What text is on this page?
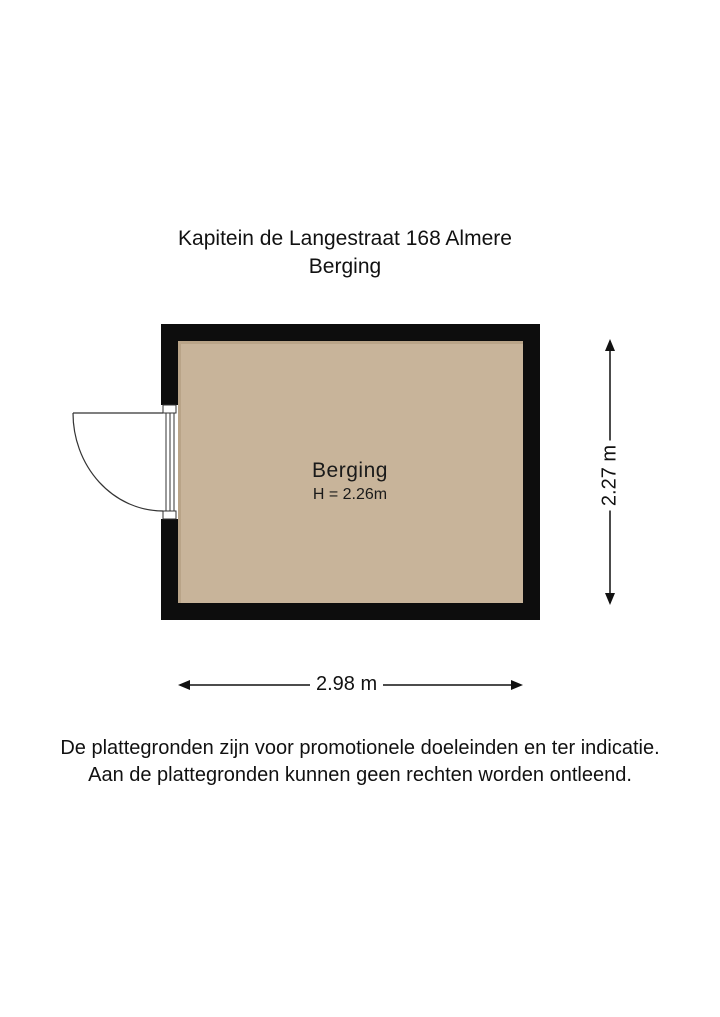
Kapitein de Langestraat 168 Almere
Berging
Berging
H = 2.26m
2.98 m
2.27 m
De plattegronden zijn voor promotionele doeleinden en ter indicatie.
Aan de plattegronden kunnen geen rechten worden ontleend.
